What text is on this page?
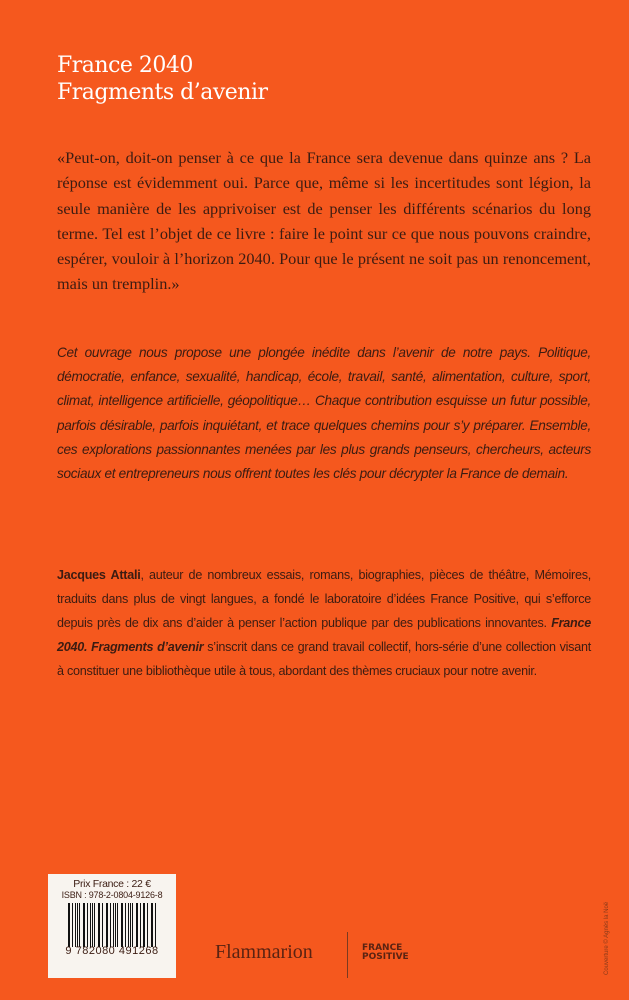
France 2040
Fragments d’avenir
«Peut-on, doit-on penser à ce que la France sera devenue dans quinze ans ? La réponse est évidemment oui. Parce que, même si les incertitudes sont légion, la seule manière de les apprivoiser est de penser les différents scénarios du long terme. Tel est l’objet de ce livre : faire le point sur ce que nous pouvons craindre, espérer, vouloir à l’horizon 2040. Pour que le présent ne soit pas un renoncement, mais un tremplin.»
Cet ouvrage nous propose une plongée inédite dans l’avenir de notre pays. Politique, démocratie, enfance, sexualité, handicap, école, travail, santé, alimentation, culture, sport, climat, intelligence artificielle, géopolitique… Chaque contribution esquisse un futur possible, parfois désirable, parfois inquiétant, et trace quelques chemins pour s’y préparer. Ensemble, ces explorations passionnantes menées par les plus grands penseurs, chercheurs, acteurs sociaux et entrepreneurs nous offrent toutes les clés pour décrypter la France de demain.
Jacques Attali, auteur de nombreux essais, romans, biographies, pièces de théâtre, Mémoires, traduits dans plus de vingt langues, a fondé le laboratoire d’idées France Positive, qui s’efforce depuis près de dix ans d’aider à penser l’action publique par des publications innovantes. France 2040. Fragments d’avenir s’inscrit dans ce grand travail collectif, hors-série d’une collection visant à constituer une bibliothèque utile à tous, abordant des thèmes cruciaux pour notre avenir.
Prix France : 22 €
ISBN : 978-2-0804-9126-8
9 782080 491268	Flammarion	FRANCE
POSITIVE	Couverture © Agnès la Noë
